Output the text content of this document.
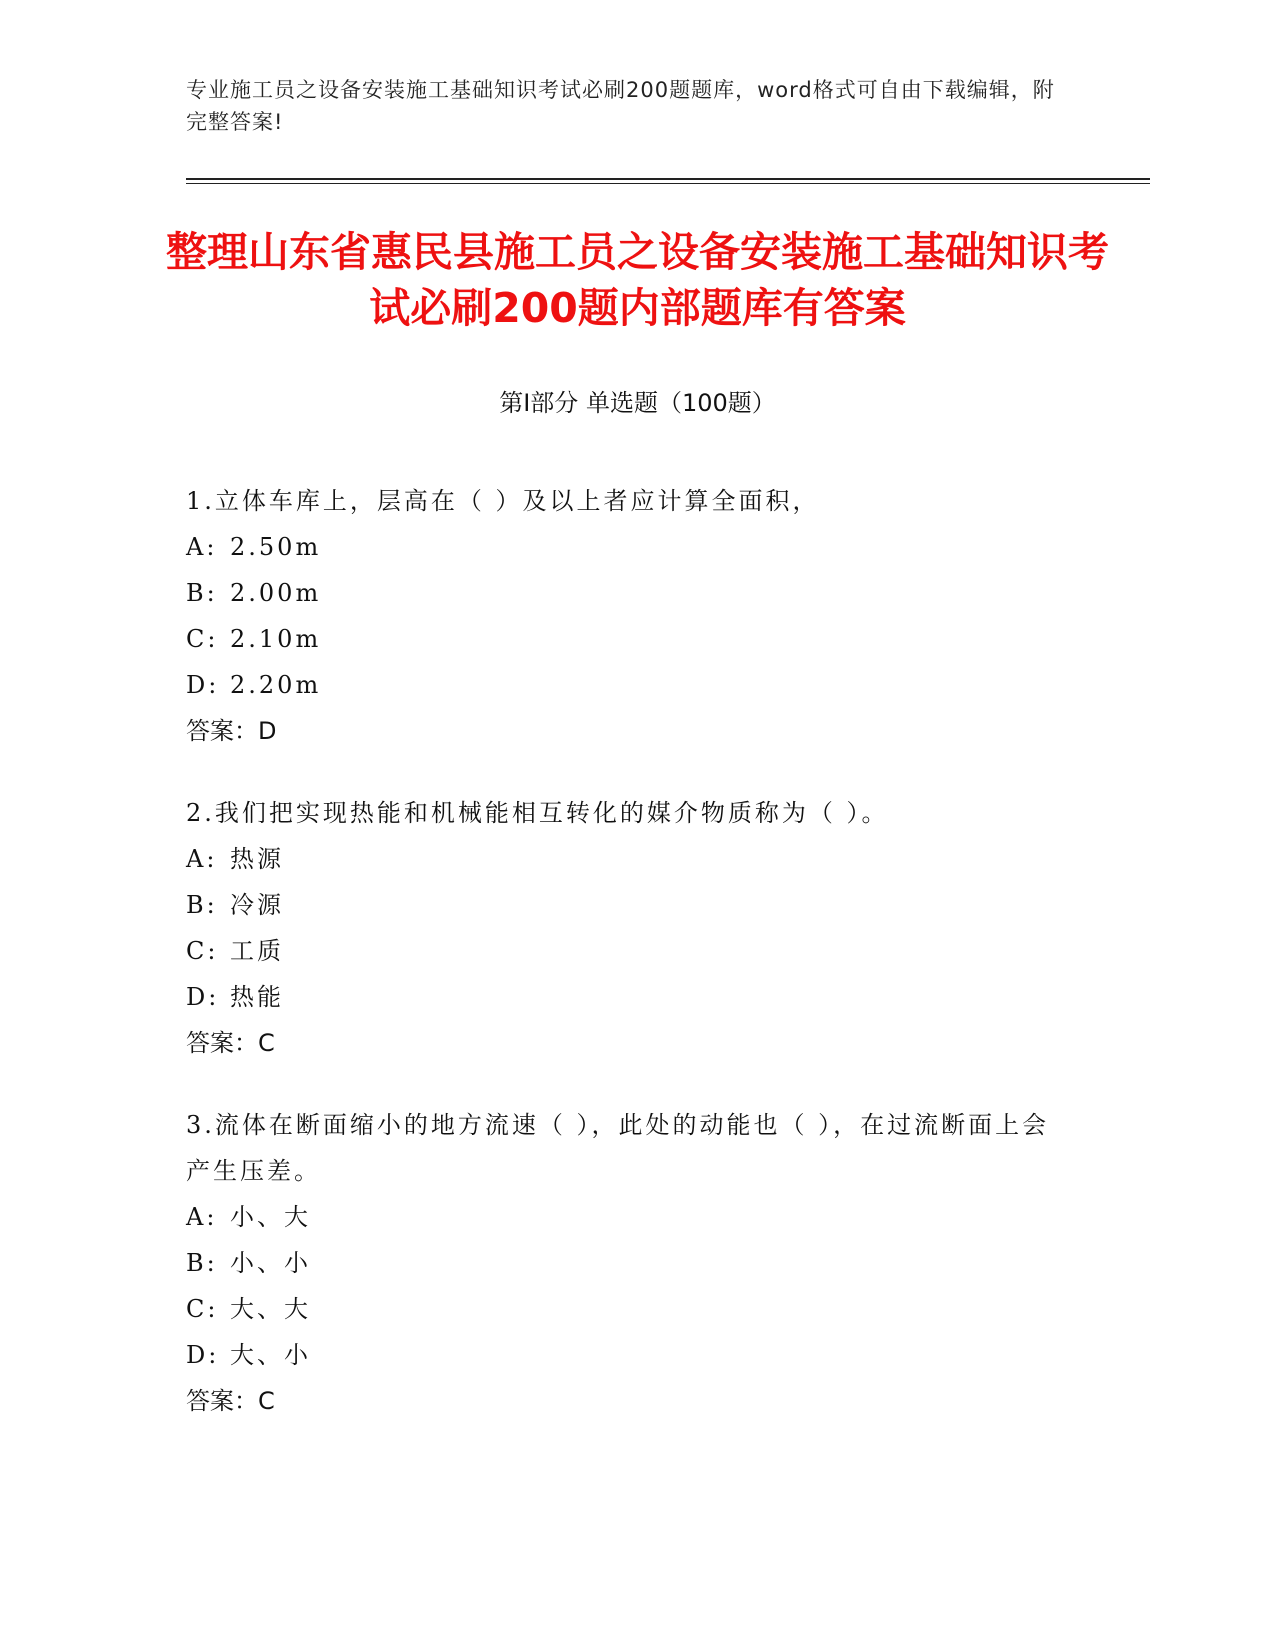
专业施工员之设备安装施工基础知识考试必刷200题题库，word格式可自由下载编辑，附完整答案!
整理山东省惠民县施工员之设备安装施工基础知识考试必刷200题内部题库有答案
第I部分 单选题（100题）

1.立体车库上，层高在（ ）及以上者应计算全面积，

A: 2.50m

B: 2.00m

C: 2.10m

D: 2.20m

答案：D

2.我们把实现热能和机械能相互转化的媒介物质称为（ ）。

A: 热源

B: 冷源

C: 工质

D: 热能

答案：C

3.流体在断面缩小的地方流速（ ），此处的动能也（ ），在过流断面上会产生压差。

A: 小、大

B: 小、小

C: 大、大

D: 大、小

答案：C
